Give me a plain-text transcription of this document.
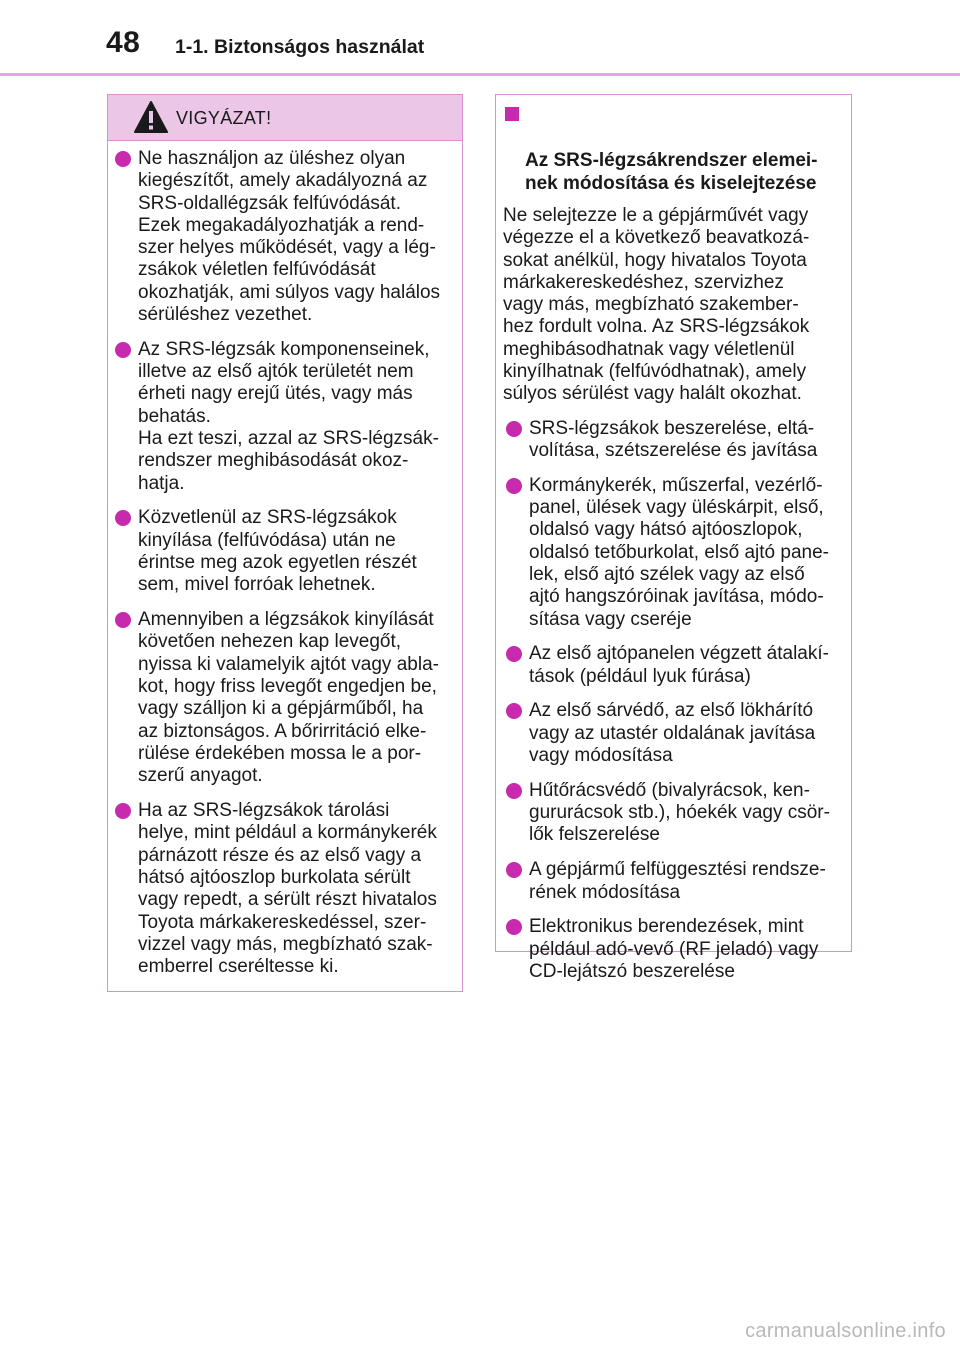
48 1-1. Biztonságos használat
VIGYÁZAT!
Ne használjon az üléshez olyan
kiegészítőt, amely akadályozná az
SRS-oldallégzsák felfúvódását.
Ezek megakadályozhatják a rend-
szer helyes működését, vagy a lég-
zsákok véletlen felfúvódását
okozhatják, ami súlyos vagy halálos
sérüléshez vezethet.
Az SRS-légzsák komponenseinek,
illetve az első ajtók területét nem
érheti nagy erejű ütés, vagy más
behatás.
Ha ezt teszi, azzal az SRS-légzsák-
rendszer meghibásodását okoz-
hatja.
Közvetlenül az SRS-légzsákok
kinyílása (felfúvódása) után ne
érintse meg azok egyetlen részét
sem, mivel forróak lehetnek.
Amennyiben a légzsákok kinyílását
követően nehezen kap levegőt,
nyissa ki valamelyik ajtót vagy abla-
kot, hogy friss levegőt engedjen be,
vagy szálljon ki a gépjárműből, ha
az biztonságos. A bőrirritáció elke-
rülése érdekében mossa le a por-
szerű anyagot.
Ha az SRS-légzsákok tárolási
helye, mint például a kormánykerék
párnázott része és az első vagy a
hátsó ajtóoszlop burkolata sérült
vagy repedt, a sérült részt hivatalos
Toyota márkakereskedéssel, szer-
vizzel vagy más, megbízható szak-
emberrel cseréltesse ki.

Az SRS-légzsákrendszer elemei-
nek módosítása és kiselejtezése

Ne selejtezze le a gépjárművét vagy
végezze el a következő beavatkozá-
sokat anélkül, hogy hivatalos Toyota
márkakereskedéshez, szervizhez
vagy más, megbízható szakember-
hez fordult volna. Az SRS-légzsákok
meghibásodhatnak vagy véletlenül
kinyílhatnak (felfúvódhatnak), amely
súlyos sérülést vagy halált okozhat.
SRS-légzsákok beszerelése, eltá-
volítása, szétszerelése és javítása
Kormánykerék, műszerfal, vezérlő-
panel, ülések vagy üléskárpit, első,
oldalsó vagy hátsó ajtóoszlopok,
oldalsó tetőburkolat, első ajtó pane-
lek, első ajtó szélek vagy az első
ajtó hangszóróinak javítása, módo-
sítása vagy cseréje
Az első ajtópanelen végzett átalakí-
tások (például lyuk fúrása)
Az első sárvédő, az első lökhárító
vagy az utastér oldalának javítása
vagy módosítása
Hűtőrácsvédő (bivalyrácsok, ken-
gururácsok stb.), hóekék vagy csör-
lők felszerelése
A gépjármű felfüggesztési rendsze-
rének módosítása
Elektronikus berendezések, mint
például adó-vevő (RF jeladó) vagy
CD-lejátszó beszerelése
carmanualsonline.info
